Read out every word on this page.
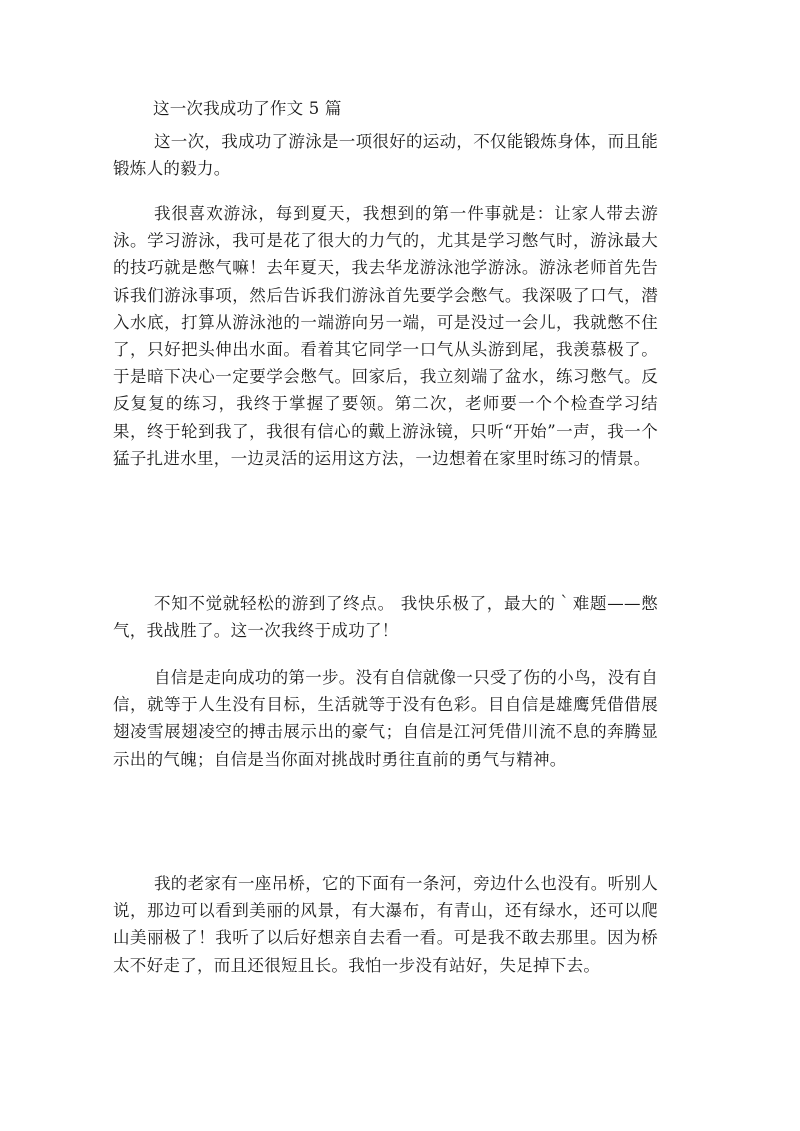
这一次我成功了作文 5 篇

这一次，我成功了游泳是一项很好的运动，不仅能锻炼身体，而且能锻炼人的毅力。

我很喜欢游泳，每到夏天，我想到的第一件事就是：让家人带去游泳。学习游泳，我可是花了很大的力气的，尤其是学习憋气时，游泳最大的技巧就是憋气嘛！去年夏天，我去华龙游泳池学游泳。游泳老师首先告诉我们游泳事项，然后告诉我们游泳首先要学会憋气。我深吸了口气，潜入水底，打算从游泳池的一端游向另一端，可是没过一会儿，我就憋不住了，只好把头伸出水面。看着其它同学一口气从头游到尾，我羡慕极了。于是暗下决心一定要学会憋气。回家后，我立刻端了盆水，练习憋气。反反复复的练习，我终于掌握了要领。第二次，老师要一个个检查学习结果，终于轮到我了，我很有信心的戴上游泳镜，只听“开始”一声，我一个猛子扎进水里，一边灵活的运用这方法，一边想着在家里时练习的情景。

不知不觉就轻松的游到了终点。 我快乐极了，最大的｀难题——憋气，我战胜了。这一次我终于成功了！

自信是走向成功的第一步。没有自信就像一只受了伤的小鸟，没有自信，就等于人生没有目标，生活就等于没有色彩。目自信是雄鹰凭借借展翅凌雪展翅凌空的搏击展示出的豪气；自信是江河凭借川流不息的奔腾显示出的气魄；自信是当你面对挑战时勇往直前的勇气与精神。

我的老家有一座吊桥，它的下面有一条河，旁边什么也没有。听别人说，那边可以看到美丽的风景，有大瀑布，有青山，还有绿水，还可以爬山美丽极了！我听了以后好想亲自去看一看。可是我不敢去那里。因为桥太不好走了，而且还很短且长。我怕一步没有站好，失足掉下去。
